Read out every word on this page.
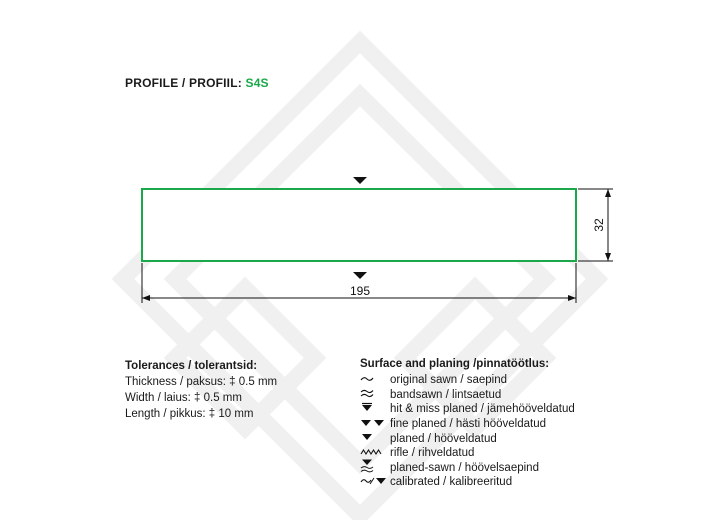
195
32
PROFILE / PROFIIL: S4S
Tolerances / tolerantsid:
Thickness / paksus: ‡ 0.5 mm
Width / laius: ‡ 0.5 mm
Length / pikkus: ‡ 10 mm
Surface and planing /pinnatöötlus:
original sawn / saepind
bandsawn / lintsaetud
hit & miss planed / jämehööveldatud
fine planed / hästi hööveldatud
planed / hööveldatud
rifle / rihveldatud
planed-sawn / höövelsaepind
calibrated / kalibreeritud
